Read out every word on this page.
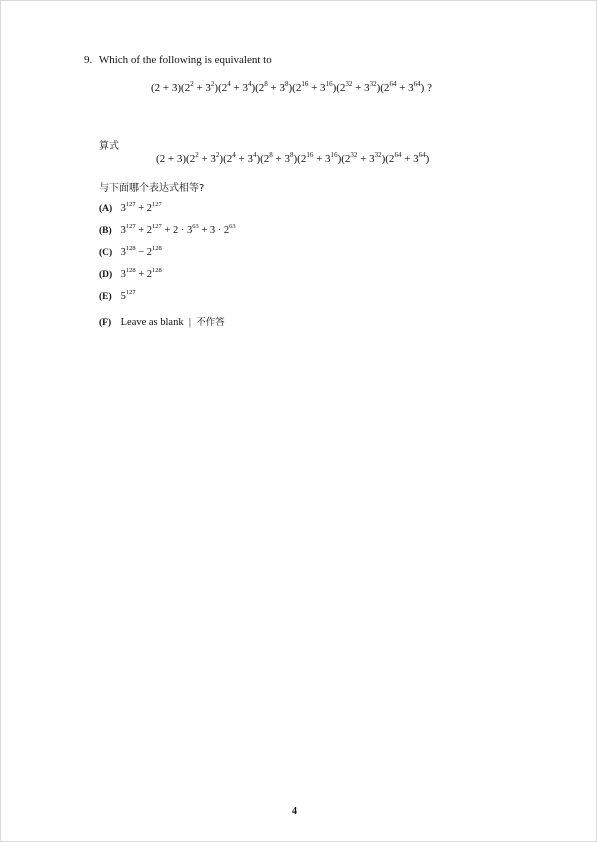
9. Which of the following is equivalent to
$(2 + 3)(2^2 + 3^2)(2^4 + 3^4)(2^8 + 3^8)(2^{16} + 3^{16})(2^{32} + 3^{32})(2^{64} + 3^{64})$ ?
算式
$(2 + 3)(2^2 + 3^2)(2^4 + 3^4)(2^8 + 3^8)(2^{16} + 3^{16})(2^{32} + 3^{32})(2^{64} + 3^{64})$
与下面哪个表达式相等?
(A) $3^{127} + 2^{127}$
(B) $3^{127} + 2^{127} + 2 \cdot 3^{63} + 3 \cdot 2^{63}$
(C) $3^{128} - 2^{128}$
(D) $3^{128} + 2^{128}$
(E) $5^{127}$
(F) Leave as blank | 不作答
4
